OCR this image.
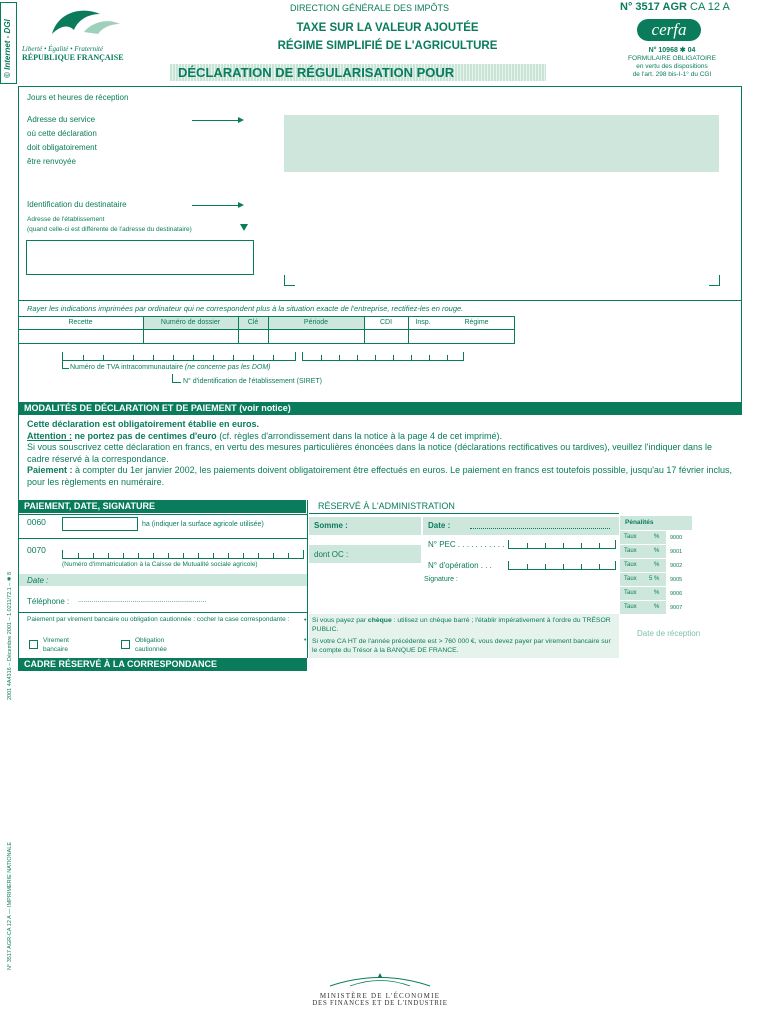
© Internet - DGI
2001 4A4316 – Décembre 2001 – 1.0211/72.1 – ✱ 8
N° 3517 AGR-CA 12 A — IMPRIMERIE NATIONALE
Liberté • Égalité • Fraternité
RÉPUBLIQUE FRANÇAISE
DIRECTION GÉNÉRALE DES IMPÔTS	N° 3517 AGR CA 12 A
TAXE SUR LA VALEUR AJOUTÉE
RÉGIME SIMPLIFIÉ DE L'AGRICULTURE
DÉCLARATION DE RÉGULARISATION POUR
cerfa
N° 10968 ✱ 04
FORMULAIRE OBLIGATOIRE
en vertu des dispositions
de l'art. 298 bis-I-1° du CGI
Jours et heures de réception
Adresse du service
où cette déclaration
doit obligatoirement
être renvoyée
Identification du destinataire
Adresse de l'établissement
(quand celle-ci est différente de l'adresse du destinataire)
Rayer les indications imprimées par ordinateur qui ne correspondent plus à la situation exacte de l'entreprise, rectifiez-les en rouge.
Recette	Numéro de dossier	Clé	Période	CDI	Insp.	Régime
Numéro de TVA intracommunautaire (ne concerne pas les DOM)
N° d'identification de l'établissement (SIRET)
MODALITÉS DE DÉCLARATION ET DE PAIEMENT (voir notice)

Cette déclaration est obligatoirement établie en euros.

Attention : ne portez pas de centimes d'euro (cf. règles d'arrondissement dans la notice à la page 4 de cet imprimé).

Si vous souscrivez cette déclaration en francs, en vertu des mesures particulières énoncées dans la notice (déclarations rectificatives ou tardives), veuillez l'indiquer dans le cadre réservé à la correspondance.

Paiement : à compter du 1er janvier 2002, les paiements doivent obligatoirement être effectués en euros. Le paiement en francs est toutefois possible, jusqu'au 17 février inclus, pour les règlements en numéraire.

PAIEMENT, DATE, SIGNATURE	RÉSERVÉ À L'ADMINISTRATION
0060	ha (indiquer la surface agricole utilisée)
0070
(Numéro d'immatriculation à la Caisse de Mutualité sociale agricole)
Date :
Téléphone : ..................................................................
Paiement par virement bancaire ou obligation cautionnée : cocher la case correspondante :
Virement bancaire
Obligation cautionnée
Somme :	Date :
dont OC :
N° PEC . . . . . . . . . . .
N° d'opération . . .
Signature :
Pénalités
Taux	% 9000
Taux	% 9001
Taux	% 9002
Taux 5 % 9005
Taux	% 9006
Taux	% 9007
• Si vous payez par chèque : utilisez un chèque barré ; l'établir impérativement à l'ordre du TRÉSOR PUBLIC.
• Si votre CA HT de l'année précédente est > 760 000 €, vous devez payer par virement bancaire sur le compte du Trésor à la BANQUE DE FRANCE.
Date de réception
CADRE RÉSERVÉ À LA CORRESPONDANCE
MINISTÈRE DE L'ÉCONOMIE
DES FINANCES ET DE L'INDUSTRIE
